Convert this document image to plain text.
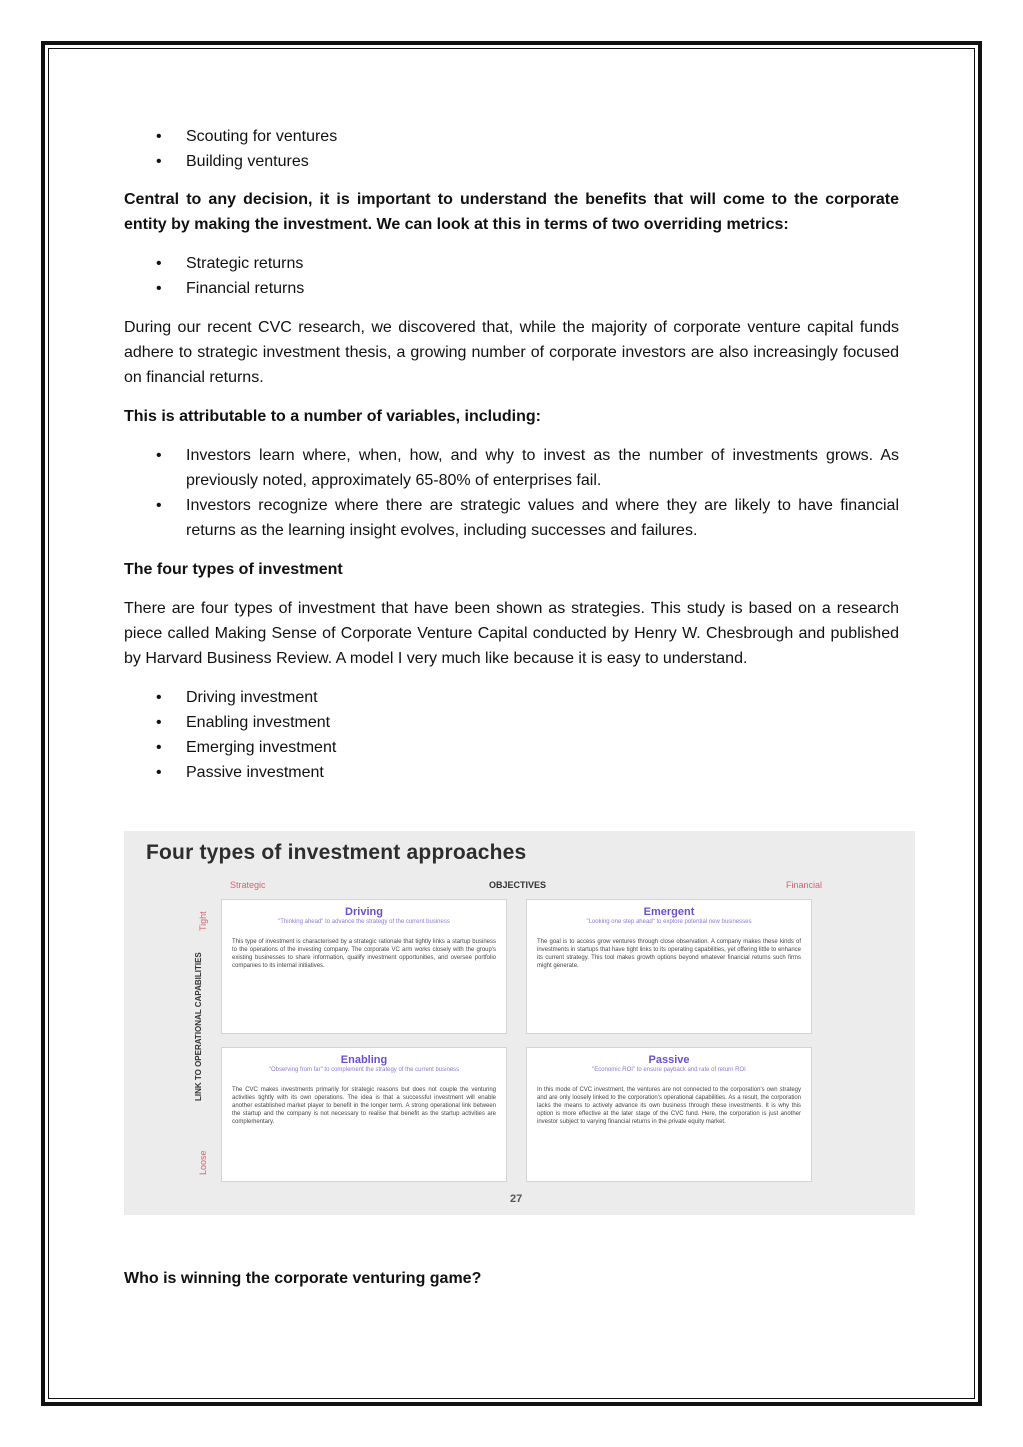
• Scouting for ventures
• Building ventures

Central to any decision, it is important to understand the benefits that will come to the corporate entity by making the investment. We can look at this in terms of two overriding metrics:

• Strategic returns
• Financial returns

During our recent CVC research, we discovered that, while the majority of corporate venture capital funds adhere to strategic investment thesis, a growing number of corporate investors are also increasingly focused on financial returns.

This is attributable to a number of variables, including:

• Investors learn where, when, how, and why to invest as the number of investments grows. As previously noted, approximately 65-80% of enterprises fail.
• Investors recognize where there are strategic values and where they are likely to have financial returns as the learning insight evolves, including successes and failures.

The four types of investment

There are four types of investment that have been shown as strategies. This study is based on a research piece called Making Sense of Corporate Venture Capital conducted by Henry W. Chesbrough and published by Harvard Business Review. A model I very much like because it is easy to understand.

• Driving investment
• Enabling investment
• Emerging investment
• Passive investment
Four types of investment approaches
Strategic	OBJECTIVES	Financial
LINK TO OPERATIONAL CAPABILITIES
Tight
Loose
Driving
"Thinking ahead" to advance the strategy of the current business
This type of investment is characterised by a strategic rationale that tightly links a startup business to the operations of the investing company. The corporate VC arm works closely with the group's existing businesses to share information, qualify investment opportunities, and oversee portfolio companies to its internal initiatives.
Emergent
"Looking one step ahead" to explore potential new businesses
The goal is to access grow ventures through close observation. A company makes these kinds of investments in startups that have tight links to its operating capabilities, yet offering little to enhance its current strategy. This tool makes growth options beyond whatever financial returns such firms might generate.
Enabling
"Observing from far" to complement the strategy of the current business
The CVC makes investments primarily for strategic reasons but does not couple the venturing activities tightly with its own operations. The idea is that a successful investment will enable another established market player to benefit in the longer term. A strong operational link between the startup and the company is not necessary to realise that benefit as the startup activities are complementary.
Passive
"Economic ROI" to ensure payback and rate of return ROI
In this mode of CVC investment, the ventures are not connected to the corporation's own strategy and are only loosely linked to the corporation's operational capabilities. As a result, the corporation lacks the means to actively advance its own business through these investments. It is why this option is more effective at the later stage of the CVC fund. Here, the corporation is just another investor subject to varying financial returns in the private equity market.
27
Who is winning the corporate venturing game?
